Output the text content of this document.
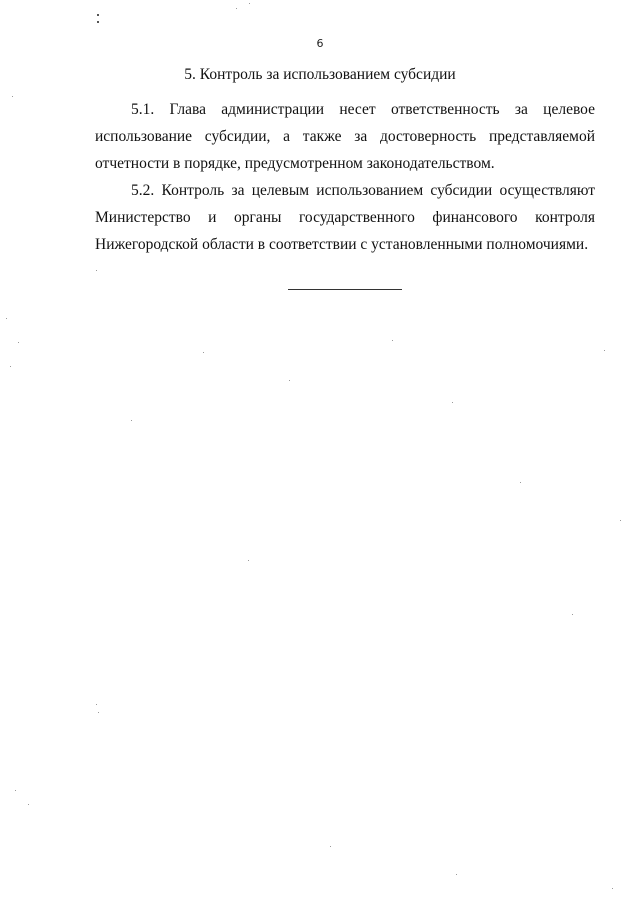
6
5. Контроль за использованием субсидии

5.1. Глава администрации несет ответственность за целевое использование субсидии, а также за достоверность представляемой отчетности в порядке, предусмотренном законодательством.

5.2. Контроль за целевым использованием субсидии осуществляют Министерство и органы государственного финансового контроля Нижегородской области в соответствии с установленными полномочиями.
